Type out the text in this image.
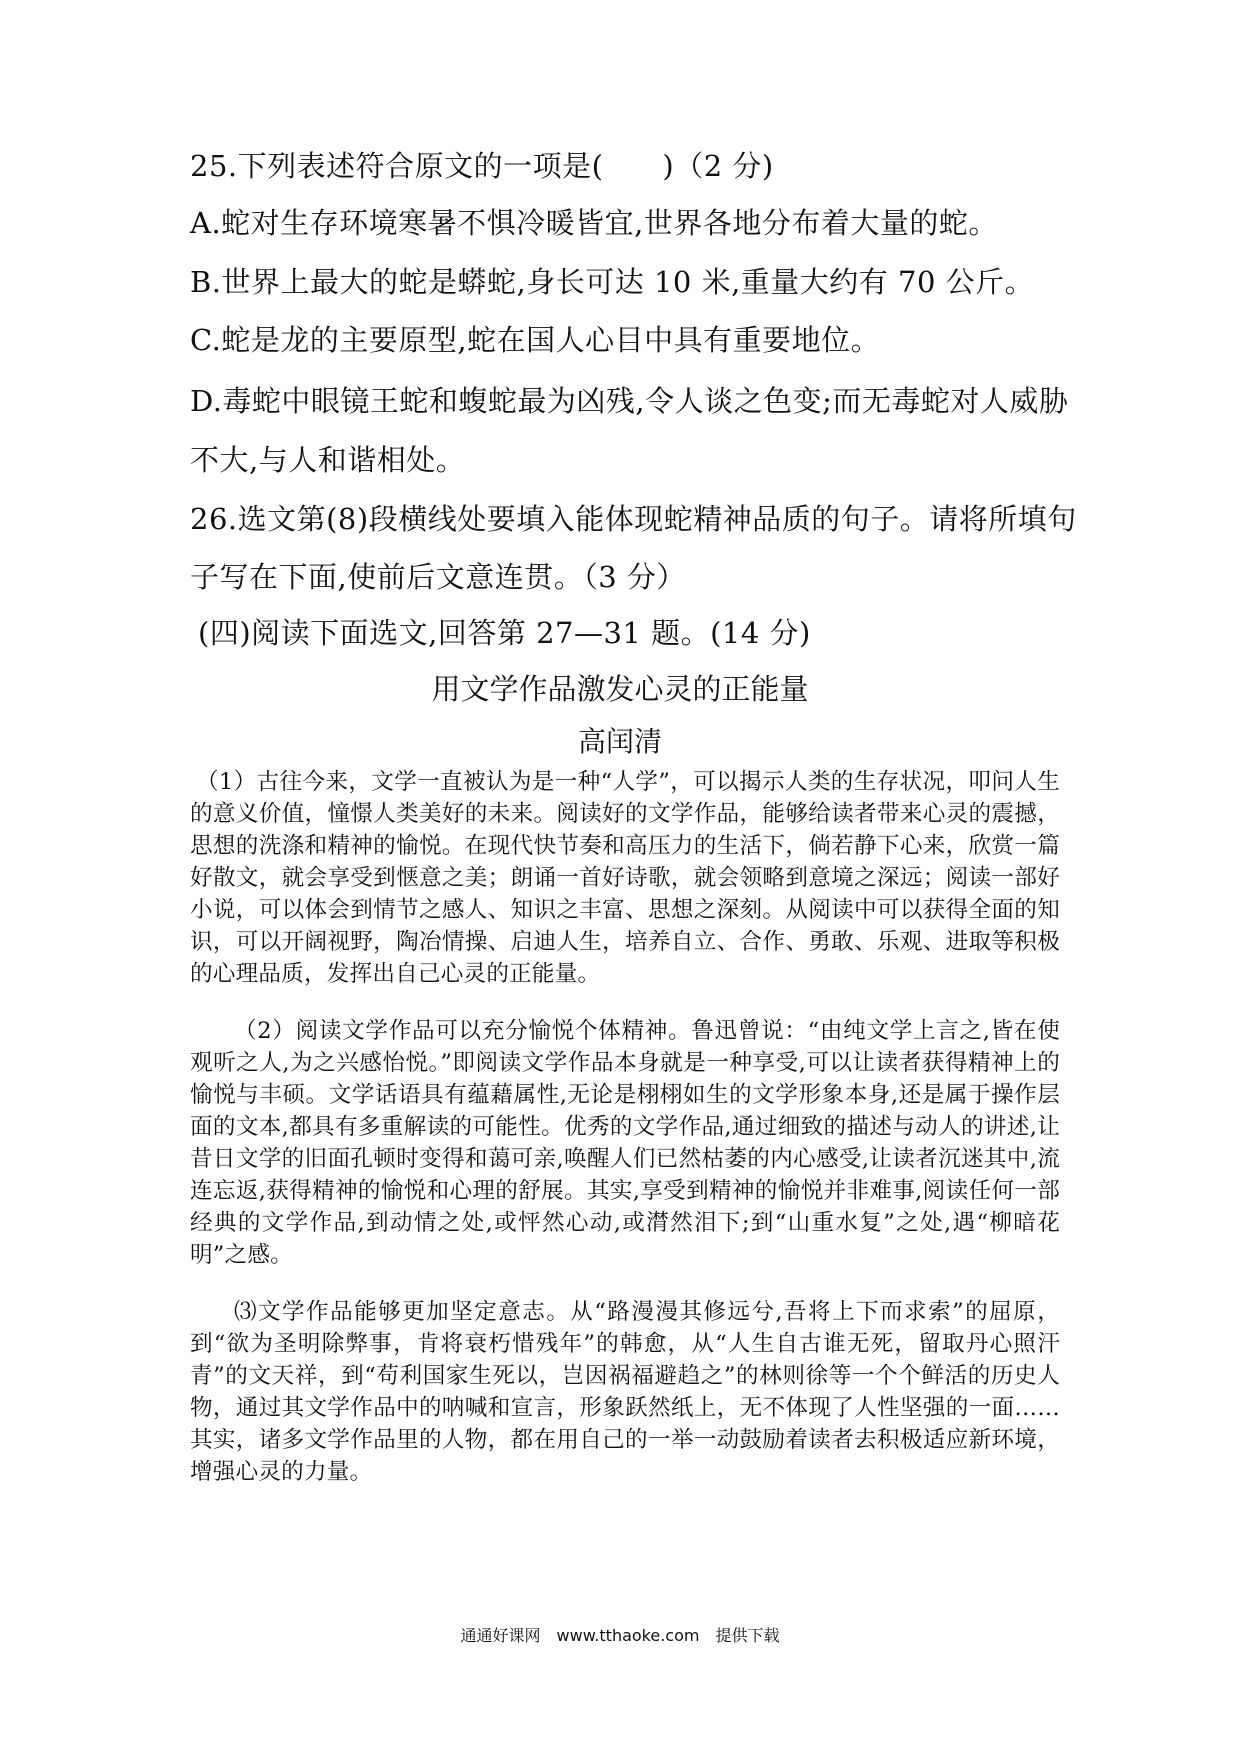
25.下列表述符合原文的一项是(　　)（2 分)
A.蛇对生存环境寒暑不惧冷暖皆宜,世界各地分布着大量的蛇。
B.世界上最大的蛇是蟒蛇,身长可达 10 米,重量大约有 70 公斤。
C.蛇是龙的主要原型,蛇在国人心目中具有重要地位。
D.毒蛇中眼镜王蛇和蝮蛇最为凶残,令人谈之色变;而无毒蛇对人威胁
不大,与人和谐相处。
26.选文第(8)段横线处要填入能体现蛇精神品质的句子。请将所填句
子写在下面,使前后文意连贯。（3 分）
(四)阅读下面选文,回答第 27—31 题。(14 分)
用文学作品激发心灵的正能量
高闰清
（1）古往今来，文学一直被认为是一种“人学”，可以揭示人类的生存状况，叩问人生的意义价值，憧憬人类美好的未来。阅读好的文学作品，能够给读者带来心灵的震撼，思想的洗涤和精神的愉悦。在现代快节奏和高压力的生活下，倘若静下心来，欣赏一篇好散文，就会享受到惬意之美；朗诵一首好诗歌，就会领略到意境之深远；阅读一部好小说，可以体会到情节之感人、知识之丰富、思想之深刻。从阅读中可以获得全面的知识，可以开阔视野，陶冶情操、启迪人生，培养自立、合作、勇敢、乐观、进取等积极的心理品质，发挥出自己心灵的正能量。
（2）阅读文学作品可以充分愉悦个体精神。鲁迅曾说：“由纯文学上言之,皆在使观听之人,为之兴感怡悦。”即阅读文学作品本身就是一种享受,可以让读者获得精神上的愉悦与丰硕。文学话语具有蕴藉属性,无论是栩栩如生的文学形象本身,还是属于操作层面的文本,都具有多重解读的可能性。优秀的文学作品,通过细致的描述与动人的讲述,让昔日文学的旧面孔顿时变得和蔼可亲,唤醒人们已然枯萎的内心感受,让读者沉迷其中,流连忘返,获得精神的愉悦和心理的舒展。其实,享受到精神的愉悦并非难事,阅读任何一部经典的文学作品,到动情之处,或怦然心动,或潸然泪下;到“山重水复”之处,遇“柳暗花明”之感。
⑶文学作品能够更加坚定意志。从“路漫漫其修远兮,吾将上下而求索”的屈原，到“欲为圣明除弊事，肯将衰朽惜残年”的韩愈，从“人生自古谁无死，留取丹心照汗青”的文天祥，到“苟利国家生死以，岂因祸福避趋之”的林则徐等一个个鲜活的历史人物，通过其文学作品中的呐喊和宣言，形象跃然纸上，无不体现了人性坚强的一面……其实，诸多文学作品里的人物，都在用自己的一举一动鼓励着读者去积极适应新环境，增强心灵的力量。
通通好课网　www.tthaoke.com　提供下载
